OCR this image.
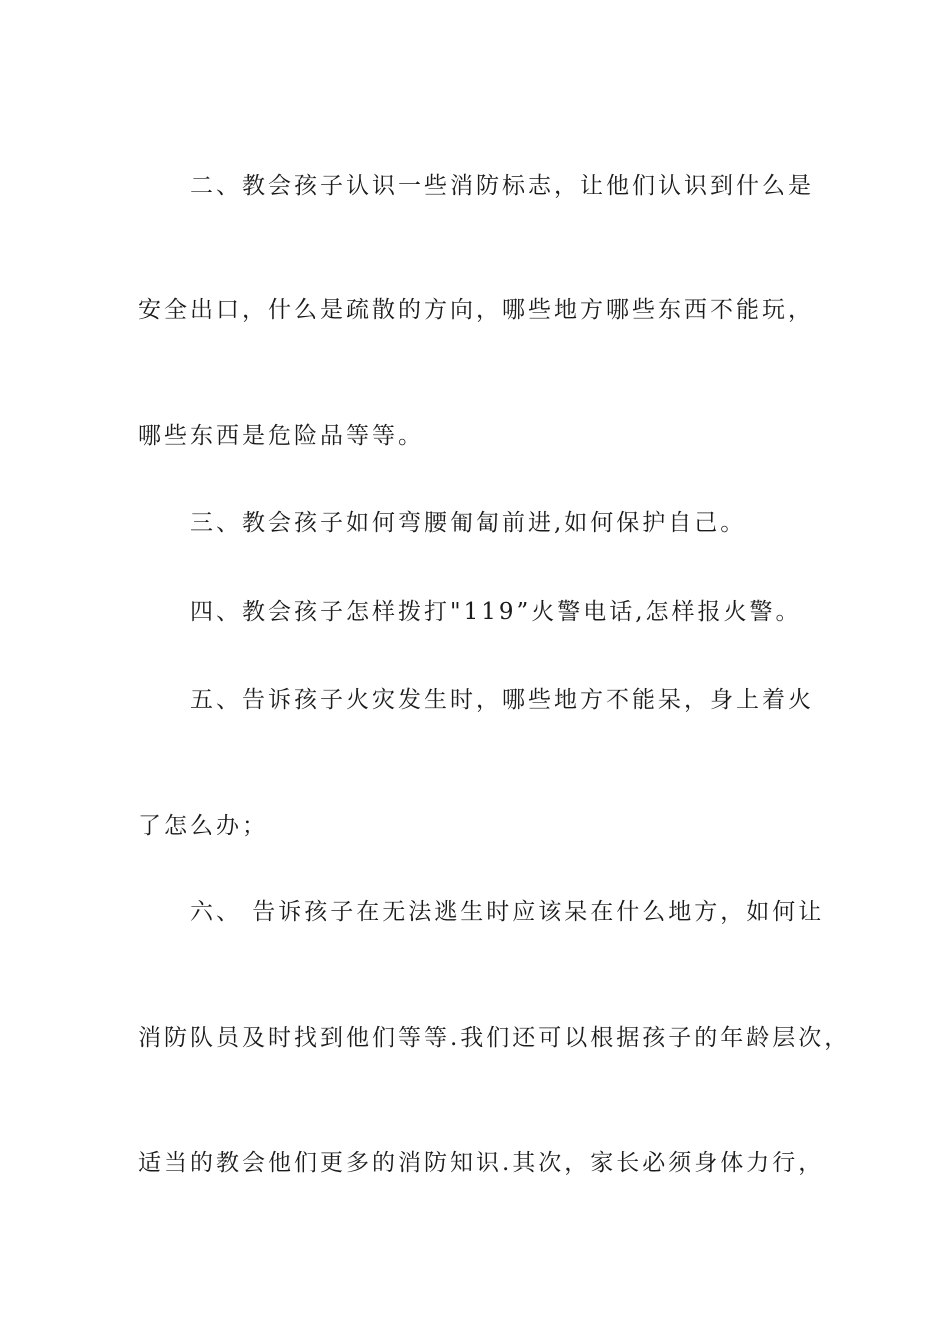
二、教会孩子认识一些消防标志，让他们认识到什么是

安全出口，什么是疏散的方向，哪些地方哪些东西不能玩，

哪些东西是危险品等等。

三、教会孩子如何弯腰匍匐前进,如何保护自己。

四、教会孩子怎样拨打"119”火警电话,怎样报火警。

五、告诉孩子火灾发生时，哪些地方不能呆，身上着火

了怎么办；

六、 告诉孩子在无法逃生时应该呆在什么地方，如何让

消防队员及时找到他们等等.我们还可以根据孩子的年龄层次，

适当的教会他们更多的消防知识.其次，家长必须身体力行，
